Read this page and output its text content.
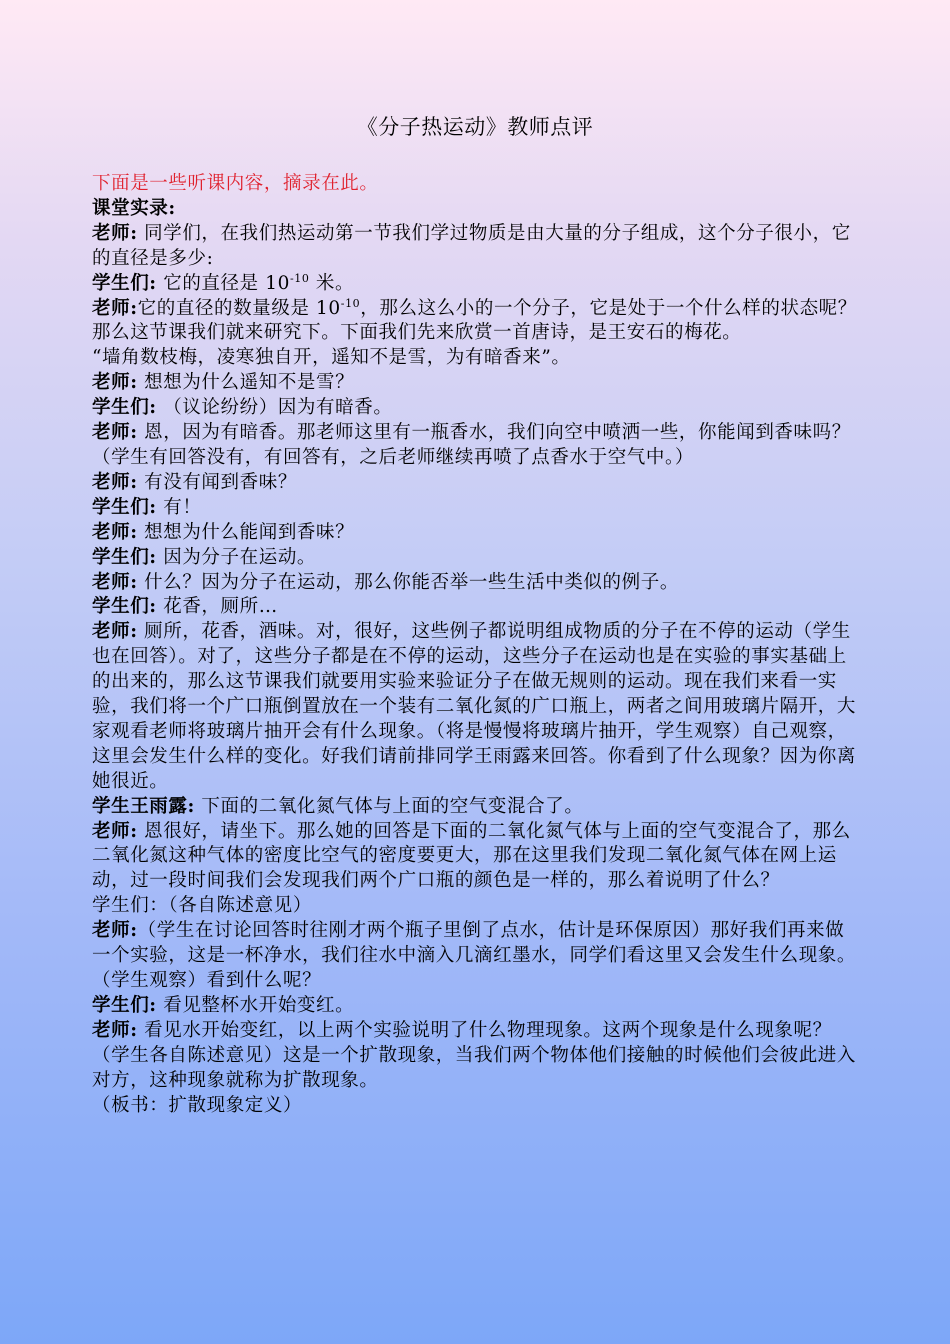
《分子热运动》教师点评

下面是一些听课内容，摘录在此。

课堂实录:

老师: 同学们，在我们热运动第一节我们学过物质是由大量的分子组成，这个分子很小，它的直径是多少:

学生们: 它的直径是 $10^{-10}$ 米。

老师:它的直径的数量级是 $10^{-10}$，那么这么小的一个分子，它是处于一个什么样的状态呢？那么这节课我们就来研究下。下面我们先来欣赏一首唐诗，是王安石的梅花。

“墙角数枝梅，凌寒独自开，遥知不是雪，为有暗香来”。

老师: 想想为什么遥知不是雪？

学生们: （议论纷纷）因为有暗香。

老师: 恩，因为有暗香。那老师这里有一瓶香水，我们向空中喷洒一些，你能闻到香味吗？

（学生有回答没有，有回答有，之后老师继续再喷了点香水于空气中。）

老师: 有没有闻到香味？

学生们: 有！

老师: 想想为什么能闻到香味？

学生们: 因为分子在运动。

老师: 什么？因为分子在运动，那么你能否举一些生活中类似的例子。

学生们: 花香，厕所…

老师: 厕所，花香，酒味。对，很好，这些例子都说明组成物质的分子在不停的运动（学生也在回答）。对了，这些分子都是在不停的运动，这些分子在运动也是在实验的事实基础上的出来的，那么这节课我们就要用实验来验证分子在做无规则的运动。现在我们来看一实验，我们将一个广口瓶倒置放在一个装有二氧化氮的广口瓶上，两者之间用玻璃片隔开，大家观看老师将玻璃片抽开会有什么现象。（将是慢慢将玻璃片抽开，学生观察）自己观察，这里会发生什么样的变化。好我们请前排同学王雨露来回答。你看到了什么现象？因为你离她很近。

学生王雨露: 下面的二氧化氮气体与上面的空气变混合了。

老师: 恩很好，请坐下。那么她的回答是下面的二氧化氮气体与上面的空气变混合了，那么二氧化氮这种气体的密度比空气的密度要更大，那在这里我们发现二氧化氮气体在网上运动，过一段时间我们会发现我们两个广口瓶的颜色是一样的，那么着说明了什么？

学生们：（各自陈述意见）

老师:（学生在讨论回答时往刚才两个瓶子里倒了点水，估计是环保原因）那好我们再来做一个实验，这是一杯净水，我们往水中滴入几滴红墨水，同学们看这里又会发生什么现象。（学生观察）看到什么呢？

学生们: 看见整杯水开始变红。

老师: 看见水开始变红，以上两个实验说明了什么物理现象。这两个现象是什么现象呢？（学生各自陈述意见）这是一个扩散现象，当我们两个物体他们接触的时候他们会彼此进入对方，这种现象就称为扩散现象。

（板书：扩散现象定义）
